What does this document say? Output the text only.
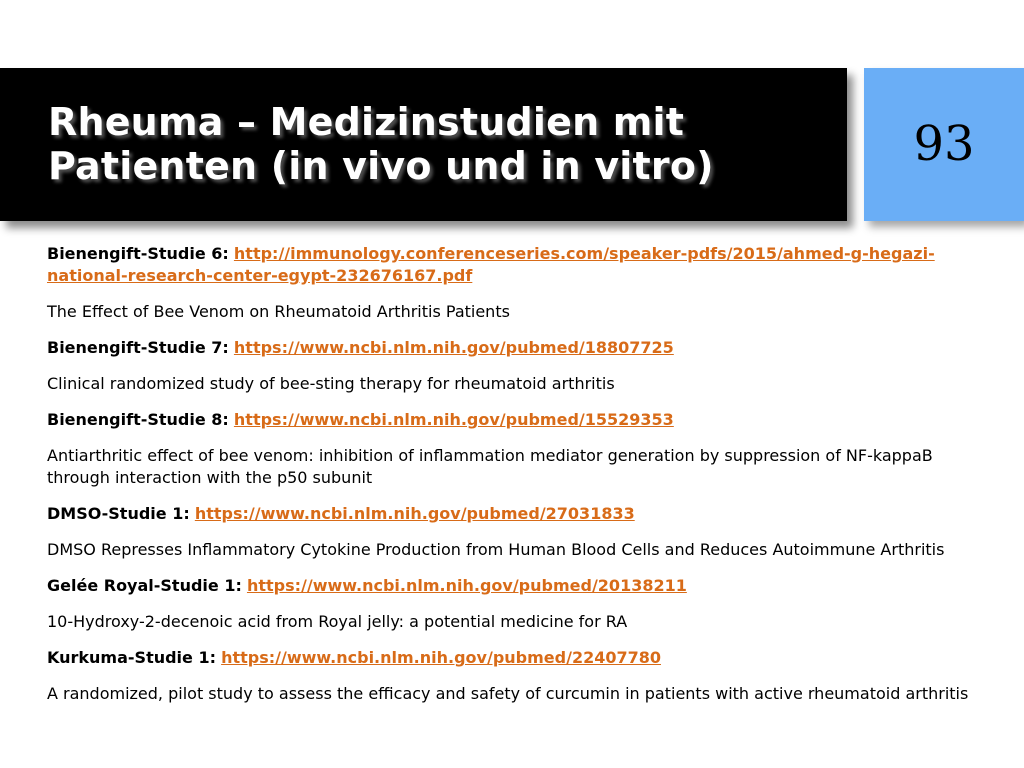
Rheuma – Medizinstudien mit Patienten (in vivo und in vitro)	93

Bienengift-Studie 6: http://immunology.conferenceseries.com/speaker-pdfs/2015/ahmed-g-hegazi-national-research-center-egypt-232676167.pdf

The Effect of Bee Venom on Rheumatoid Arthritis Patients

Bienengift-Studie 7: https://www.ncbi.nlm.nih.gov/pubmed/18807725

Clinical randomized study of bee-sting therapy for rheumatoid arthritis

Bienengift-Studie 8: https://www.ncbi.nlm.nih.gov/pubmed/15529353

Antiarthritic effect of bee venom: inhibition of inflammation mediator generation by suppression of NF-kappaB through interaction with the p50 subunit

DMSO-Studie 1: https://www.ncbi.nlm.nih.gov/pubmed/27031833

DMSO Represses Inflammatory Cytokine Production from Human Blood Cells and Reduces Autoimmune Arthritis

Gelée Royal-Studie 1: https://www.ncbi.nlm.nih.gov/pubmed/20138211

10-Hydroxy-2-decenoic acid from Royal jelly: a potential medicine for RA

Kurkuma-Studie 1: https://www.ncbi.nlm.nih.gov/pubmed/22407780

A randomized, pilot study to assess the efficacy and safety of curcumin in patients with active rheumatoid arthritis
